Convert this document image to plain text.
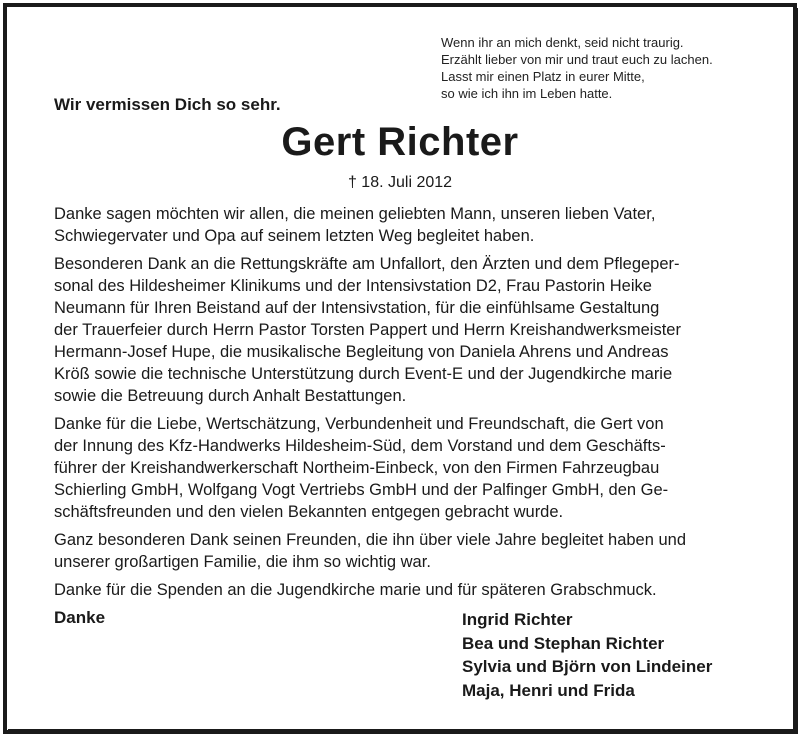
Wenn ihr an mich denkt, seid nicht traurig.
Erzählt lieber von mir und traut euch zu lachen.
Lasst mir einen Platz in eurer Mitte,
so wie ich ihn im Leben hatte.
Wir vermissen Dich so sehr.
Gert Richter
† 18. Juli 2012
Danke sagen möchten wir allen, die meinen geliebten Mann, unseren lieben Vater,
Schwiegervater und Opa auf seinem letzten Weg begleitet haben.
Besonderen Dank an die Rettungskräfte am Unfallort, den Ärzten und dem Pflegeper-
sonal des Hildesheimer Klinikums und der Intensivstation D2, Frau Pastorin Heike
Neumann für Ihren Beistand auf der Intensivstation, für die einfühlsame Gestaltung
der Trauerfeier durch Herrn Pastor Torsten Pappert und Herrn Kreishandwerksmeister
Hermann-Josef Hupe, die musikalische Begleitung von Daniela Ahrens und Andreas
Kröß sowie die technische Unterstützung durch Event-E und der Jugendkirche marie
sowie die Betreuung durch Anhalt Bestattungen.
Danke für die Liebe, Wertschätzung, Verbundenheit und Freundschaft, die Gert von
der Innung des Kfz-Handwerks Hildesheim-Süd, dem Vorstand und dem Geschäfts-
führer der Kreishandwerkerschaft Northeim-Einbeck, von den Firmen Fahrzeugbau
Schierling GmbH, Wolfgang Vogt Vertriebs GmbH und der Palfinger GmbH, den Ge-
schäftsfreunden und den vielen Bekannten entgegen gebracht wurde.
Ganz besonderen Dank seinen Freunden, die ihn über viele Jahre begleitet haben und
unserer großartigen Familie, die ihm so wichtig war.
Danke für die Spenden an die Jugendkirche marie und für späteren Grabschmuck.
Danke	Ingrid Richter
Bea und Stephan Richter
Sylvia und Björn von Lindeiner
Maja, Henri und Frida
